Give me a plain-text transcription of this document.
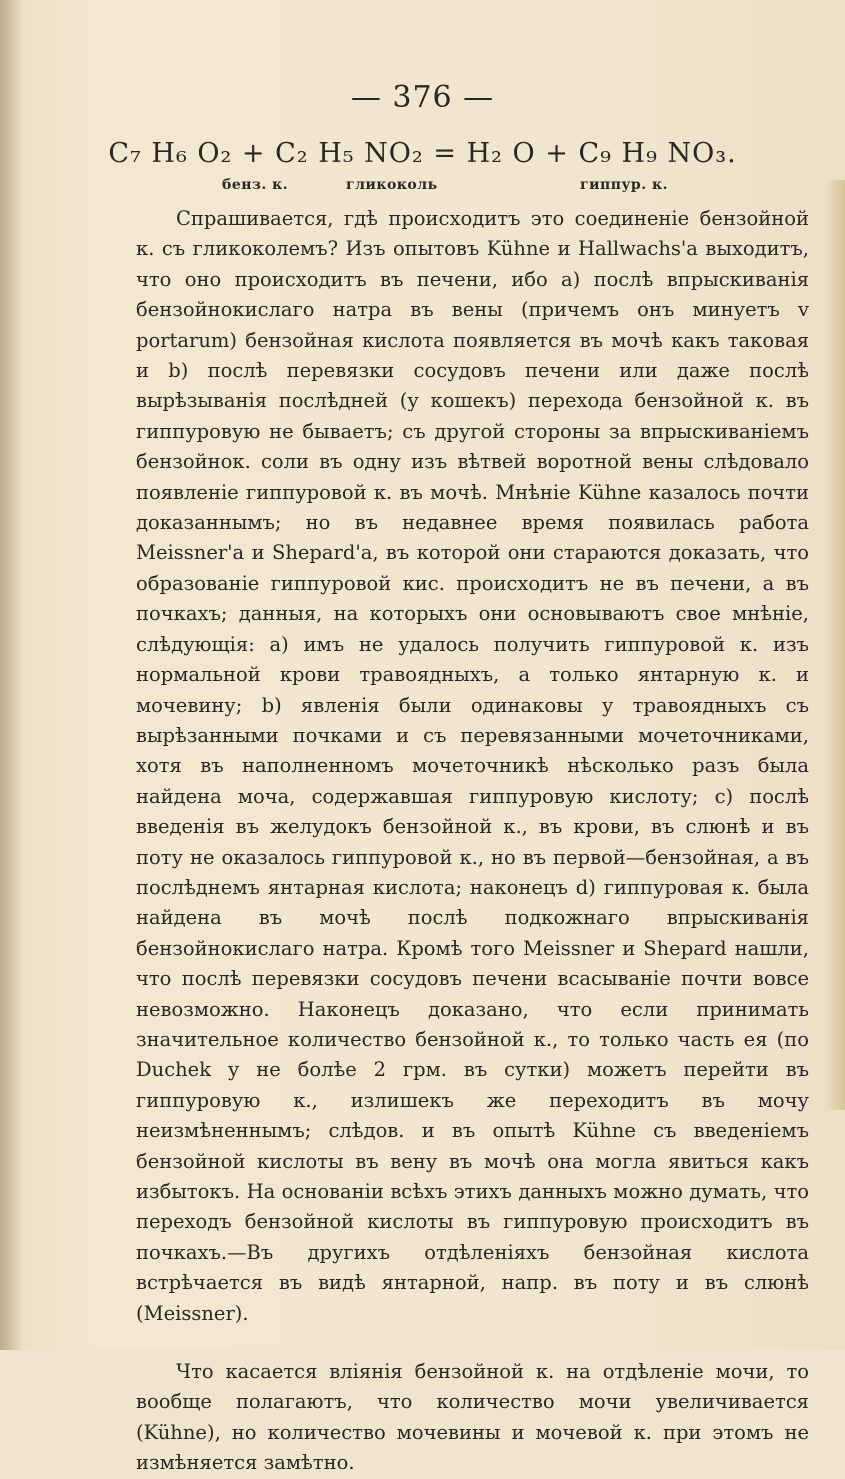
— 376 —
C₇ H₆ O₂ + C₂ H₅ NO₂ = H₂ O + C₉ H₉ NO₃.
бенз. к.	гликоколь	гиппур. к.

Спрашивается, гдѣ происходитъ это соединеніе бензойной к. съ гликоколемъ? Изъ опытовъ Kühne и Hallwachs'а выходитъ, что оно происходитъ въ печени, ибо a) послѣ впрыскиванія бензойнокислаго натра въ вены (причемъ онъ минуетъ v portarum) бензойная кислота появляется въ мочѣ какъ таковая и b) послѣ перевязки сосудовъ печени или даже послѣ вырѣзыванія послѣдней (у кошекъ) перехода бензойной к. въ гиппуровую не бываетъ; съ другой стороны за впрыскиваніемъ бензойнок. соли въ одну изъ вѣтвей воротной вены слѣдовало появленіе гиппуровой к. въ мочѣ. Мнѣніе Kühne казалось почти доказаннымъ; но въ недавнее время появилась работа Meissner'а и Shepard'а, въ которой они стараются доказать, что образованіе гиппуровой кис. происходитъ не въ печени, а въ почкахъ; данныя, на которыхъ они основываютъ свое мнѣніе, слѣдующія: a) имъ не удалось получить гиппуровой к. изъ нормальной крови травоядныхъ, а только янтарную к. и мочевину; b) явленія были одинаковы у травоядныхъ съ вырѣзанными почками и съ перевязанными мочеточниками, хотя въ наполненномъ мочеточникѣ нѣсколько разъ была найдена моча, содержавшая гиппуровую кислоту; c) послѣ введенія въ желудокъ бензойной к., въ крови, въ слюнѣ и въ поту не оказалось гиппуровой к., но въ первой—бензойная, а въ послѣднемъ янтарная кислота; наконецъ d) гиппуровая к. была найдена въ мочѣ послѣ подкожнаго впрыскиванія бензойнокислаго натра. Кромѣ того Meissner и Shepard нашли, что послѣ перевязки сосудовъ печени всасываніе почти вовсе невозможно. Наконецъ доказано, что если принимать значительное количество бензойной к., то только часть ея (по Duchek у не болѣе 2 грм. въ сутки) можетъ перейти въ гиппуровую к., излишекъ же переходитъ въ мочу неизмѣненнымъ; слѣдов. и въ опытѣ Kühne съ введеніемъ бензойной кислоты въ вену въ мочѣ она могла явиться какъ избытокъ. На основаніи всѣхъ этихъ данныхъ можно думать, что переходъ бензойной кислоты въ гиппуровую происходитъ въ почкахъ.—Въ другихъ отдѣленіяхъ бензойная кислота встрѣчается въ видѣ янтарной, напр. въ поту и въ слюнѣ (Meissner).

Что касается вліянія бензойной к. на отдѣленіе мочи, то вообще полагаютъ, что количество мочи увеличивается (Kühne), но количество мочевины и мочевой к. при этомъ не измѣняется замѣтно.
